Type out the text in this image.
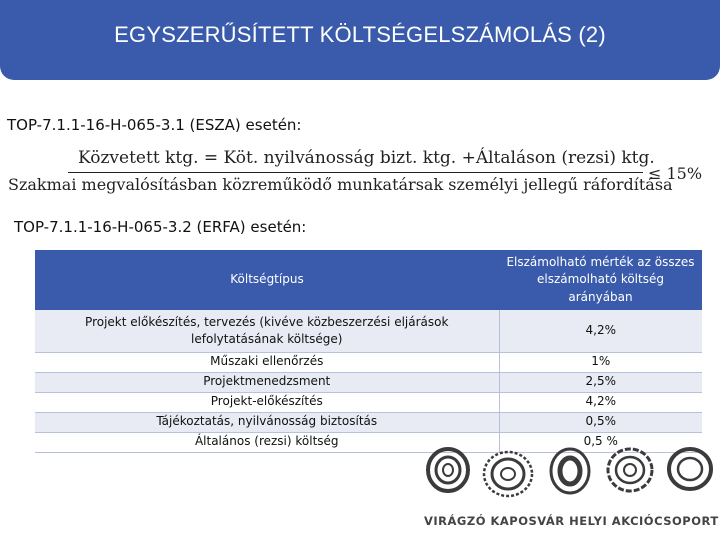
EGYSZERŰSÍTETT KÖLTSÉGELSZÁMOLÁS (2)
TOP-7.1.1-16-H-065-3.1 (ESZA) esetén:
Közvetett ktg. = Köt. nyilvánosság bizt. ktg. +Általáson (rezsi) ktg.
Szakmai megvalósításban közreműködő munkatársak személyi jellegű ráfordítása
≤ 15%
TOP-7.1.1-16-H-065-3.2 (ERFA) esetén:
Költségtípus	Elszámolható mérték az összes elszámolható költség arányában
Projekt előkészítés, tervezés (kivéve közbeszerzési eljárások lefolytatásának költsége)	4,2%
Műszaki ellenőrzés	1%
Projektmenedzsment	2,5%
Projekt-előkészítés	4,2%
Tájékoztatás, nyilvánosság biztosítás	0,5%
Általános (rezsi) költség	0,5 %
VIRÁGZÓ KAPOSVÁR HELYI AKCIÓCSOPORT
